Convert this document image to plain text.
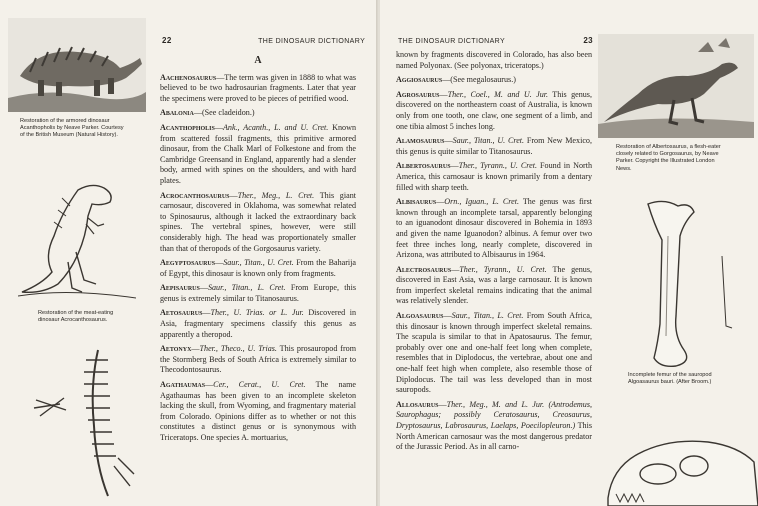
Restoration of the armored dinosaur Acanthopholis by Neave Parker. Courtesy of the British Museum (Natural History).
Restoration of the meat-eating dinosaur Acrocanthosaurus.
22	THE DINOSAUR DICTIONARY
A

Aachenosaurus—The term was given in 1888 to what was believed to be two hadrosaurian fragments. Later that year the specimens were proved to be pieces of petrified wood.

Abalonia—(See cladeidon.)

Acanthopholis—Ank., Acanth., L. and U. Cret. Known from scattered fossil fragments, this primitive armored dinosaur, from the Chalk Marl of Folkestone and from the Cambridge Greensand in England, apparently had a slender body, armed with spines on the shoulders, and with hard plates.

Acrocanthosaurus—Ther., Meg., L. Cret. This giant carnosaur, discovered in Oklahoma, was somewhat related to Spinosaurus, although it lacked the extraordinary back spines. The vertebral spines, however, were still considerably high. The head was proportionately smaller than that of theropods of the Gorgosaurus variety.

Aegyptosaurus—Saur., Titan., U. Cret. From the Baharija of Egypt, this dinosaur is known only from fragments.

Aepisaurus—Saur., Titan., L. Cret. From Europe, this genus is extremely similar to Titanosaurus.

Aetosaurus—Ther., U. Trias. or L. Jur. Discovered in Asia, fragmentary specimens classify this genus as apparently a theropod.

Aetonyx—Ther., Theco., U. Trias. This prosauropod from the Stormberg Beds of South Africa is extremely similar to Thecodontosaurus.

Agathaumas—Cer., Cerat., U. Cret. The name Agathaumas has been given to an incomplete skeleton lacking the skull, from Wyoming, and fragmentary material from Colorado. Opinions differ as to whether or not this constitutes a distinct genus or is synonymous with Triceratops. One species A. mortuarius,

THE DINOSAUR DICTIONARY	23

known by fragments discovered in Colorado, has also been named Polyonax. (See polyonax, triceratops.)

Aggiosaurus—(See megalosaurus.)

Agrosaurus—Ther., Coel., M. and U. Jur. This genus, discovered on the northeastern coast of Australia, is known only from one tooth, one claw, one segment of a limb, and one tibia almost 5 inches long.

Alamosaurus—Saur., Titan., U. Cret. From New Mexico, this genus is quite similar to Titanosaurus.

Albertosaurus—Ther., Tyrann., U. Cret. Found in North America, this carnosaur is known primarily from a dentary filled with sharp teeth.

Albisaurus—Orn., Iguan., L. Cret. The genus was first known through an incomplete tarsal, apparently belonging to an iguanodont dinosaur discovered in Bohemia in 1893 and given the name Iguanodon? albinus. A femur over two feet three inches long, nearly complete, discovered in Arizona, was attributed to Albisaurus in 1964.

Alectrosaurus—Ther., Tyrann., U. Cret. The genus, discovered in East Asia, was a large carnosaur. It is known from imperfect skeletal remains indicating that the animal was relatively slender.

Algoasaurus—Saur., Titan., L. Cret. From South Africa, this dinosaur is known through imperfect skeletal remains. The scapula is similar to that in Apatosaurus. The femur, probably over one and one-half feet long when complete, resembles that in Diplodocus, the vertebrae, about one and one-half feet high when complete, also resemble those of Diplodocus. The tail was less developed than in most sauropods.

Allosaurus—Ther., Meg., M. and L. Jur. (Antrodemus, Saurophagus; possibly Ceratosaurus, Creosaurus, Dryptosaurus, Labrosaurus, Laelaps, Poecilopleuron.) This North American carnosaur was the most dangerous predator of the Jurassic Period. As in all carno-

Restoration of Albertosaurus, a flesh-eater closely related to Gorgosaurus, by Neave Parker. Copyright the Illustrated London News.
Incomplete femur of the sauropod Algoasaurus bauri. (After Broom.)
